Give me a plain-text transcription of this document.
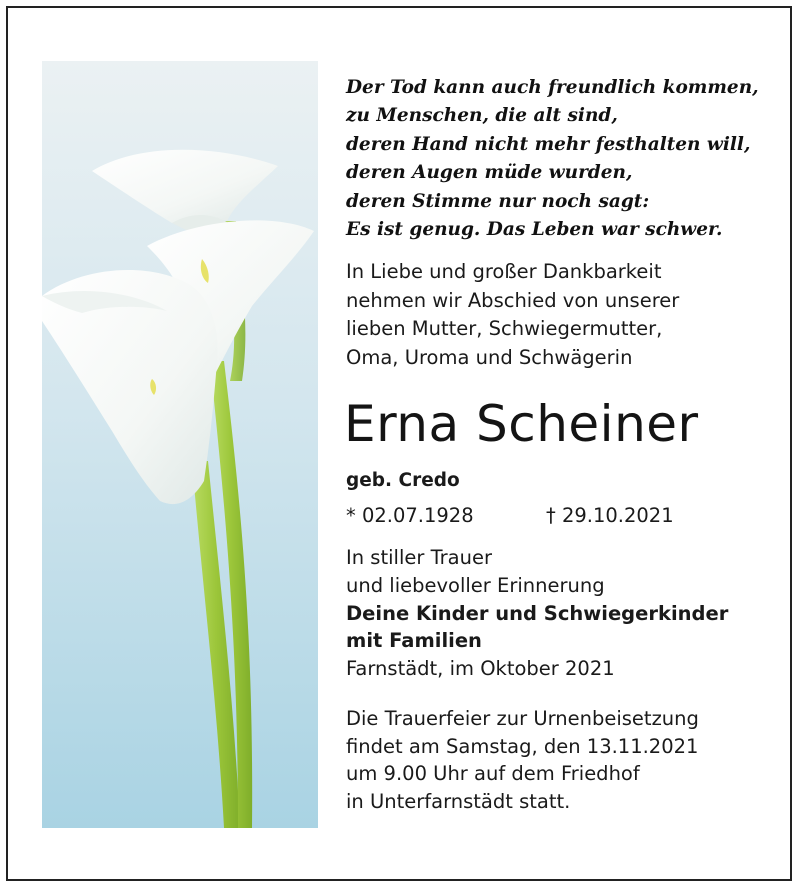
Der Tod kann auch freundlich kommen,
zu Menschen, die alt sind,
deren Hand nicht mehr festhalten will,
deren Augen müde wurden,
deren Stimme nur noch sagt:
Es ist genug. Das Leben war schwer.
In Liebe und großer Dankbarkeit
nehmen wir Abschied von unserer
lieben Mutter, Schwiegermutter,
Oma, Uroma und Schwägerin
Erna Scheiner
geb. Credo
* 02.07.1928	† 29.10.2021
In stiller Trauer
und liebevoller Erinnerung
Deine Kinder und Schwiegerkinder
mit Familien
Farnstädt, im Oktober 2021
Die Trauerfeier zur Urnenbeisetzung
findet am Samstag, den 13.11.2021
um 9.00 Uhr auf dem Friedhof
in Unterfarnstädt statt.
